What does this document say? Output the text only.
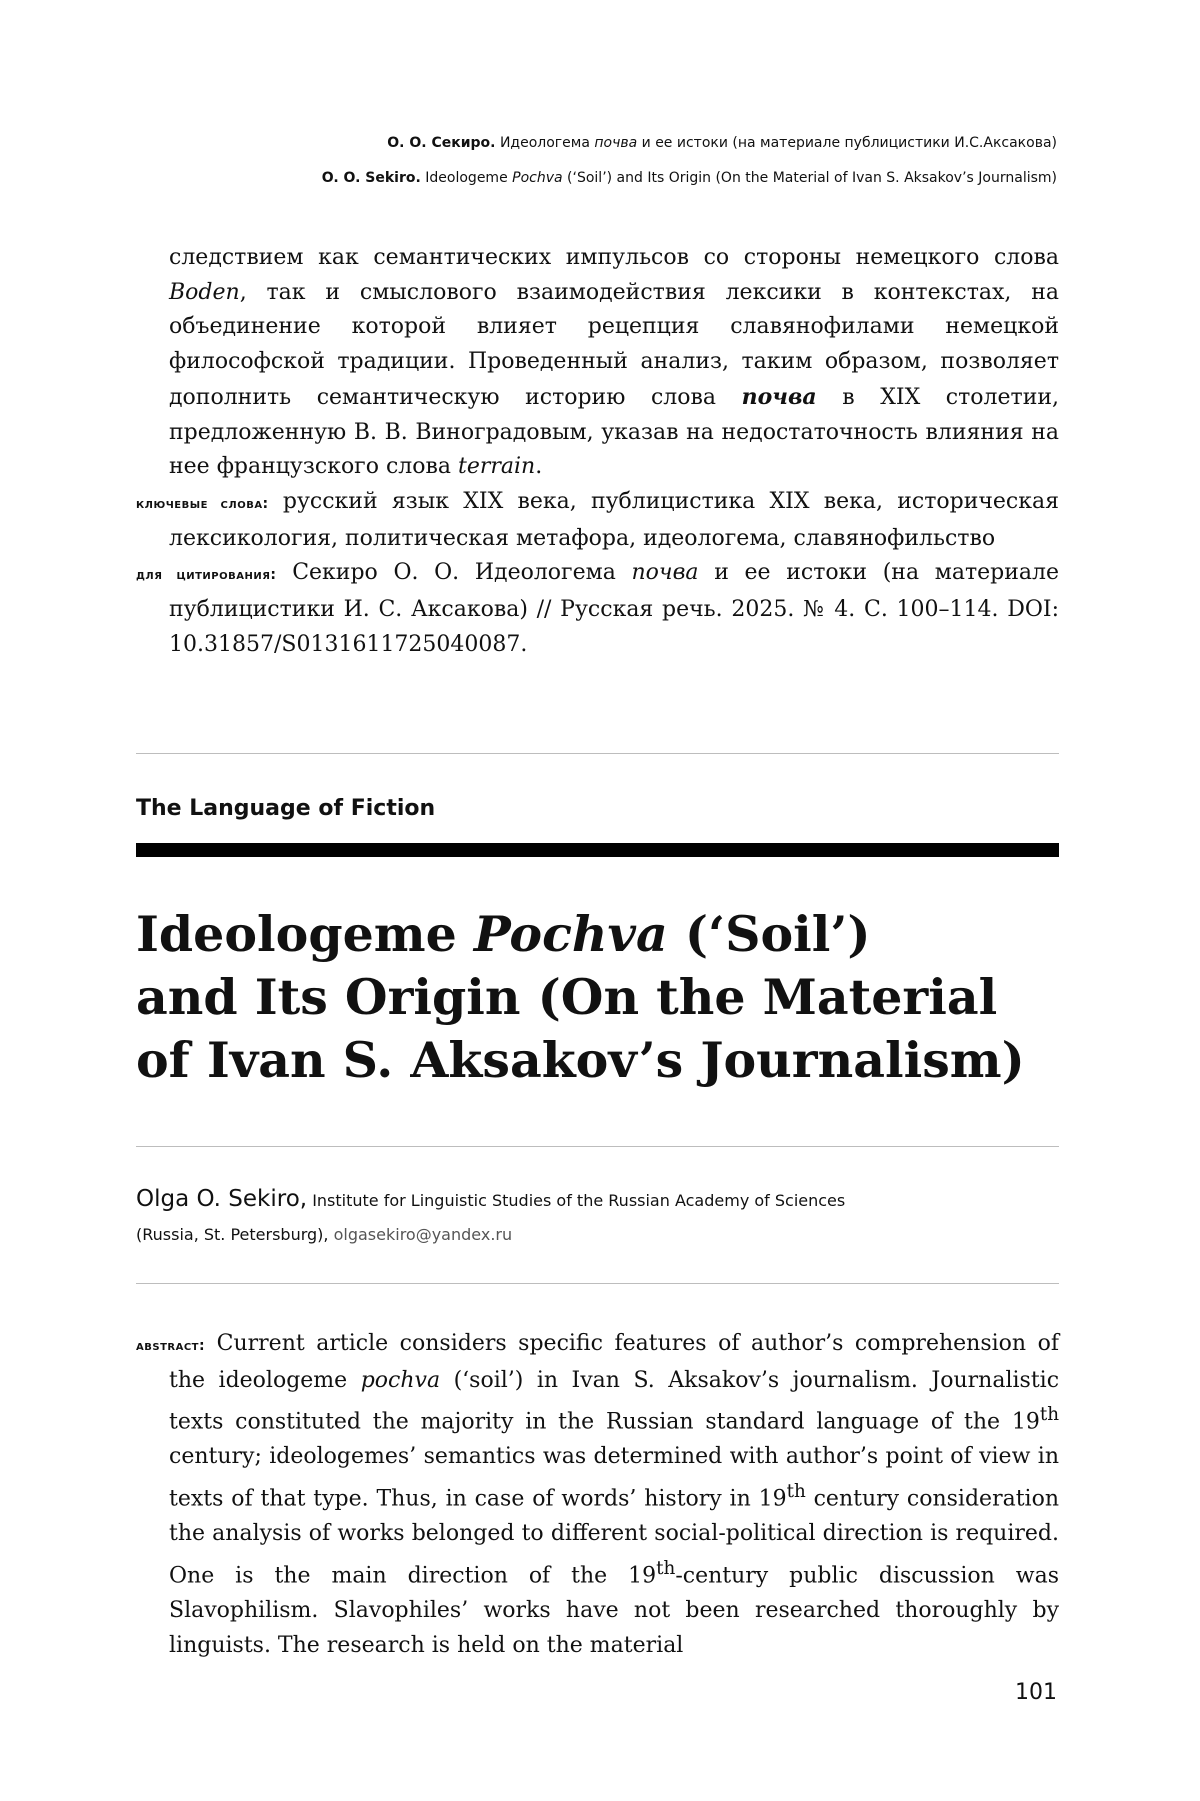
О. О. Секиро. Идеологема почва и ее истоки (на материале публицистики И.С.Аксакова)
O. O. Sekiro. Ideologeme Pochva (‘Soil’) and Its Origin (On the Material of Ivan S. Aksakov’s Journalism)

следствием как семантических импульсов со стороны немецкого слова Boden, так и смыслового взаимодействия лексики в контекстах, на объединение которой влияет рецепция славянофилами немецкой философской традиции. Проведенный анализ, таким образом, позволяет дополнить семантическую историю слова почва в XIX столетии, предложенную В. В. Виноградовым, указав на недостаточность влияния на нее французского слова terrain.

ключевые слова: русский язык XIX века, публицистика XIX века, историческая лексикология, политическая метафора, идеологема, славянофильство

для цитирования: Секиро О. О. Идеологема почва и ее истоки (на материале публицистики И. С. Аксакова) // Русская речь. 2025. № 4. С. 100–114. DOI: 10.31857/S0131611725040087.

The Language of Fiction
Ideologeme Pochva (‘Soil’)
and Its Origin (On the Material
of Ivan S. Aksakov’s Journalism)
Olga O. Sekiro, Institute for Linguistic Studies of the Russian Academy of Sciences
(Russia, St. Petersburg), olgasekiro@yandex.ru

abstract: Current article considers specific features of author’s comprehension of the ideologeme pochva (‘soil’) in Ivan S. Aksakov’s journalism. Journalistic texts constituted the majority in the Russian standard language of the 19th century; ideologemes’ semantics was determined with author’s point of view in texts of that type. Thus, in case of words’ history in 19th century consideration the analysis of works belonged to different social-political direction is required. One is the main direction of the 19th-century public discussion was Slavophilism. Slavophiles’ works have not been researched thoroughly by linguists. The research is held on the material

101
